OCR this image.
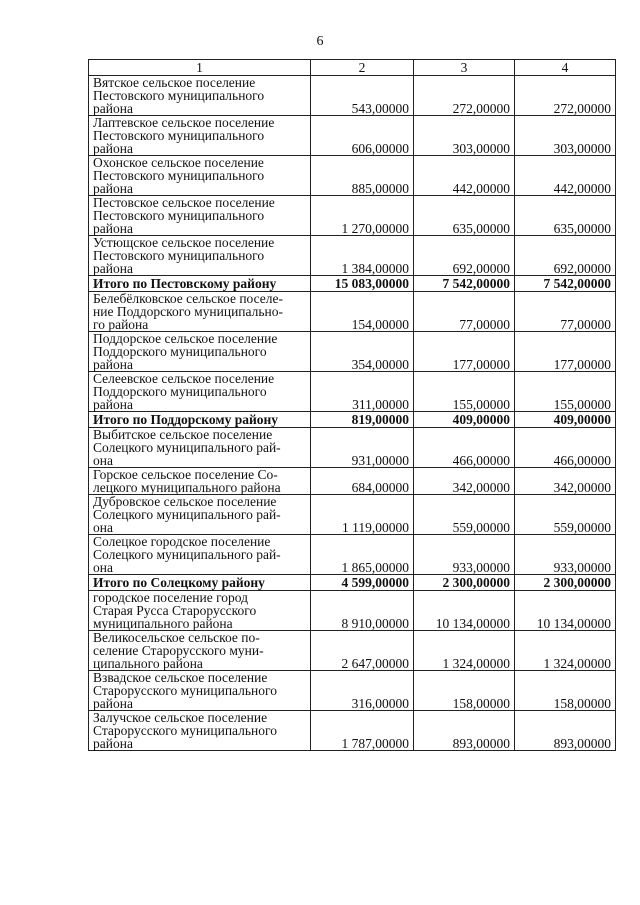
6
1	2	3	4
Вятское сельское поселение
Пестовского муниципального
района	543,00000	272,00000	272,00000
Лаптевское сельское поселение
Пестовского муниципального
района	606,00000	303,00000	303,00000
Охонское сельское поселение
Пестовского муниципального
района	885,00000	442,00000	442,00000
Пестовское сельское поселение
Пестовского муниципального
района	1 270,00000	635,00000	635,00000
Устющское сельское поселение
Пестовского муниципального
района	1 384,00000	692,00000	692,00000
Итого по Пестовскому району	15 083,00000	7 542,00000	7 542,00000
Белебёлковское сельское поселе-
ние Поддорского муниципально-
го района	154,00000	77,00000	77,00000
Поддорское сельское поселение
Поддорского муниципального
района	354,00000	177,00000	177,00000
Селеевское сельское поселение
Поддорского муниципального
района	311,00000	155,00000	155,00000
Итого по Поддорскому району	819,00000	409,00000	409,00000
Выбитское сельское поселение
Солецкого муниципального рай-
она	931,00000	466,00000	466,00000
Горское сельское поселение Со-
лецкого муниципального района	684,00000	342,00000	342,00000
Дубровское сельское поселение
Солецкого муниципального рай-
она	1 119,00000	559,00000	559,00000
Солецкое городское поселение
Солецкого муниципального рай-
она	1 865,00000	933,00000	933,00000
Итого по Солецкому району	4 599,00000	2 300,00000	2 300,00000
городское поселение город
Старая Русса Старорусского
муниципального района	8 910,00000	10 134,00000	10 134,00000
Великосельское сельское по-
селение Старорусского муни-
ципального района	2 647,00000	1 324,00000	1 324,00000
Взвадское сельское поселение
Старорусского муниципального
района	316,00000	158,00000	158,00000
Залучское сельское поселение
Старорусского муниципального
района	1 787,00000	893,00000	893,00000
